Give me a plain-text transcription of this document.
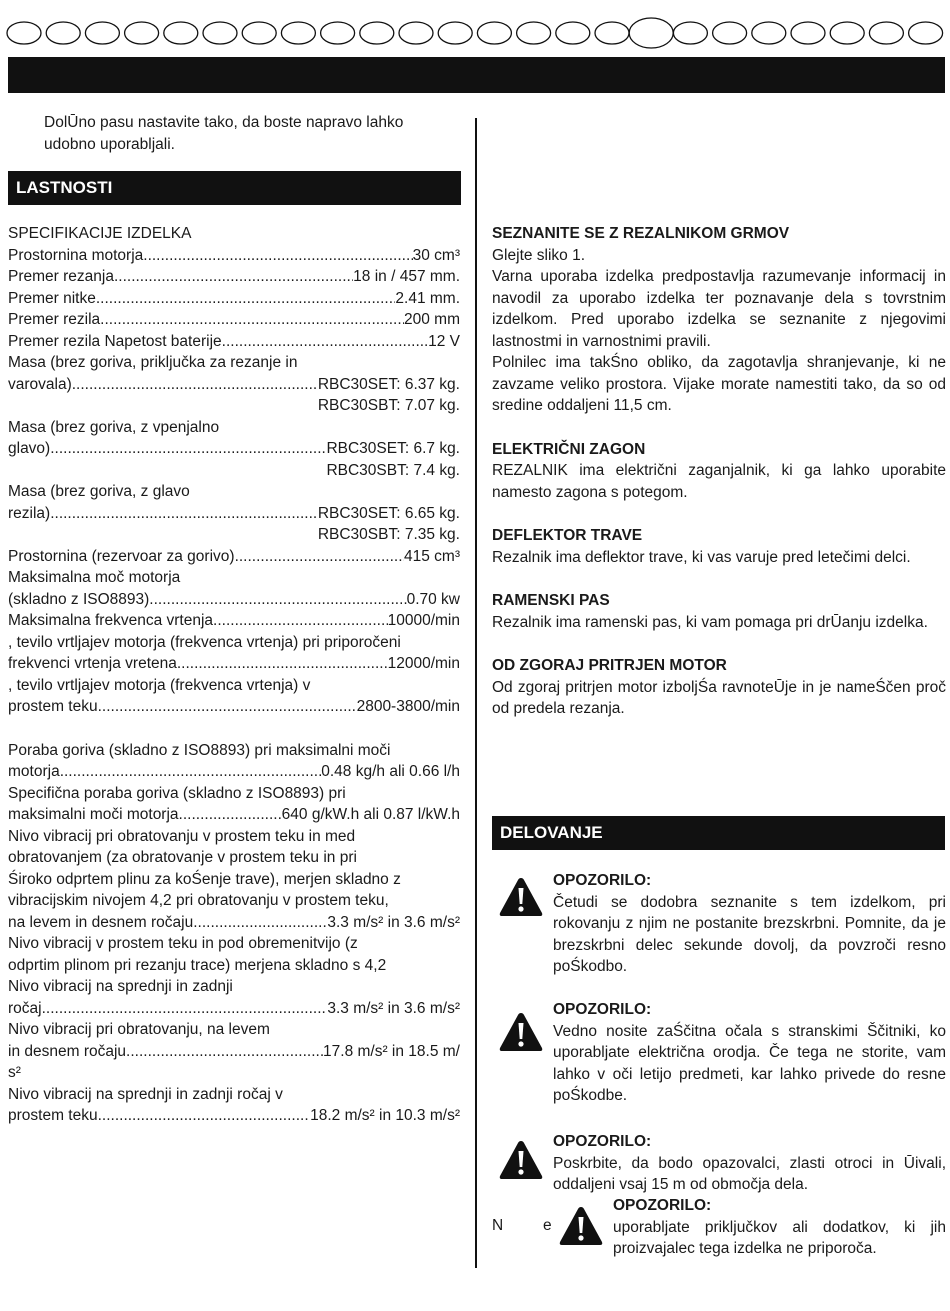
DolŪno pasu nastavite tako, da boste napravo lahko
udobno uporabljali.
LASTNOSTI
SPECIFIKACIJE IZDELKA
Prostornina motorja .....	30 cm³
Premer rezanja .....	18 in / 457 mm.
Premer nitke .....	2.41 mm.
Premer rezila .....	200 mm
Premer rezila Napetost baterije .....	12 V
Masa (brez goriva, priključka za rezanje in
varovala) .....	RBC30SET: 6.37 kg.
RBC30SBT: 7.07 kg.
Masa (brez goriva, z vpenjalno
glavo) .....	RBC30SET: 6.7 kg.
RBC30SBT: 7.4 kg.
Masa (brez goriva, z glavo
rezila) .....	RBC30SET: 6.65 kg.
RBC30SBT: 7.35 kg.
Prostornina (rezervoar za gorivo) .....	415 cm³
Maksimalna moč motorja
(skladno z ISO8893) .....	0.70 kw
Maksimalna frekvenca vrtenja .....	10000/min
, tevilo vrtljajev motorja (frekvenca vrtenja) pri priporočeni
frekvenci vrtenja vretena .....	12000/min
, tevilo vrtljajev motorja (frekvenca vrtenja) v
prostem teku .....	2800-3800/min
Poraba goriva (skladno z ISO8893) pri maksimalni moči
motorja .....	0.48 kg/h ali 0.66 l/h
Specifična poraba goriva (skladno z ISO8893) pri
maksimalni moči motorja .....	640 g/kW.h ali 0.87 l/kW.h
Nivo vibracij pri obratovanju v prostem teku in med
obratovanjem (za obratovanje v prostem teku in pri
Śiroko odprtem plinu za koŚenje trave), merjen skladno z
vibracijskim nivojem 4,2 pri obratovanju v prostem teku,
na levem in desnem ročaju .....	3.3 m/s² in 3.6 m/s²
Nivo vibracij v prostem teku in pod obremenitvijo (z
odprtim plinom pri rezanju trace) merjena skladno s 4,2
Nivo vibracij na sprednji in zadnji
ročaj .....	3.3 m/s² in 3.6 m/s²
Nivo vibracij pri obratovanju, na levem
in desnem ročaju .....	17.8 m/s² in 18.5 m/
s²
Nivo vibracij na sprednji in zadnji ročaj v
prostem teku .....	18.2 m/s² in 10.3 m/s²
SEZNANITE SE Z REZALNIKOM GRMOV
Glejte sliko 1.
Varna uporaba izdelka predpostavlja razumevanje informacij in navodil za uporabo izdelka ter poznavanje dela s tovrstnim izdelkom. Pred uporabo izdelka se seznanite z njegovimi lastnostmi in varnostnimi pravili.
Polnilec ima takŚno obliko, da zagotavlja shranjevanje, ki ne zavzame veliko prostora. Vijake morate namestiti tako, da so od sredine oddaljeni 11,5 cm.
ELEKTRIČNI ZAGON
REZALNIK ima električni zaganjalnik, ki ga lahko uporabite namesto zagona s potegom.
DEFLEKTOR TRAVE
Rezalnik ima deflektor trave, ki vas varuje pred letečimi delci.
RAMENSKI PAS
Rezalnik ima ramenski pas, ki vam pomaga pri drŪanju izdelka.
OD ZGORAJ PRITRJEN MOTOR
Od zgoraj pritrjen motor izboljŚa ravnoteŪje in je nameŚčen proč od predela rezanja.
DELOVANJE
OPOZORILO:
Četudi se dodobra seznanite s tem izdelkom, pri rokovanju z njim ne postanite brezskrbni. Pomnite, da je brezskrbni delec sekunde dovolj, da povzroči resno poŚkodbo.
OPOZORILO:
Vedno nosite zaŚčitna očala s stranskimi Ščitniki, ko uporabljate električna orodja. Če tega ne storite, vam lahko v oči letijo predmeti, kar lahko privede do resne poŚkodbe.
OPOZORILO:
Poskrbite, da bodo opazovalci, zlasti otroci in Ūivali, oddaljeni vsaj 15 m od območja dela.
N	e
OPOZORILO:
uporabljate priključkov ali dodatkov, ki jih proizvajalec tega izdelka ne priporoča.
